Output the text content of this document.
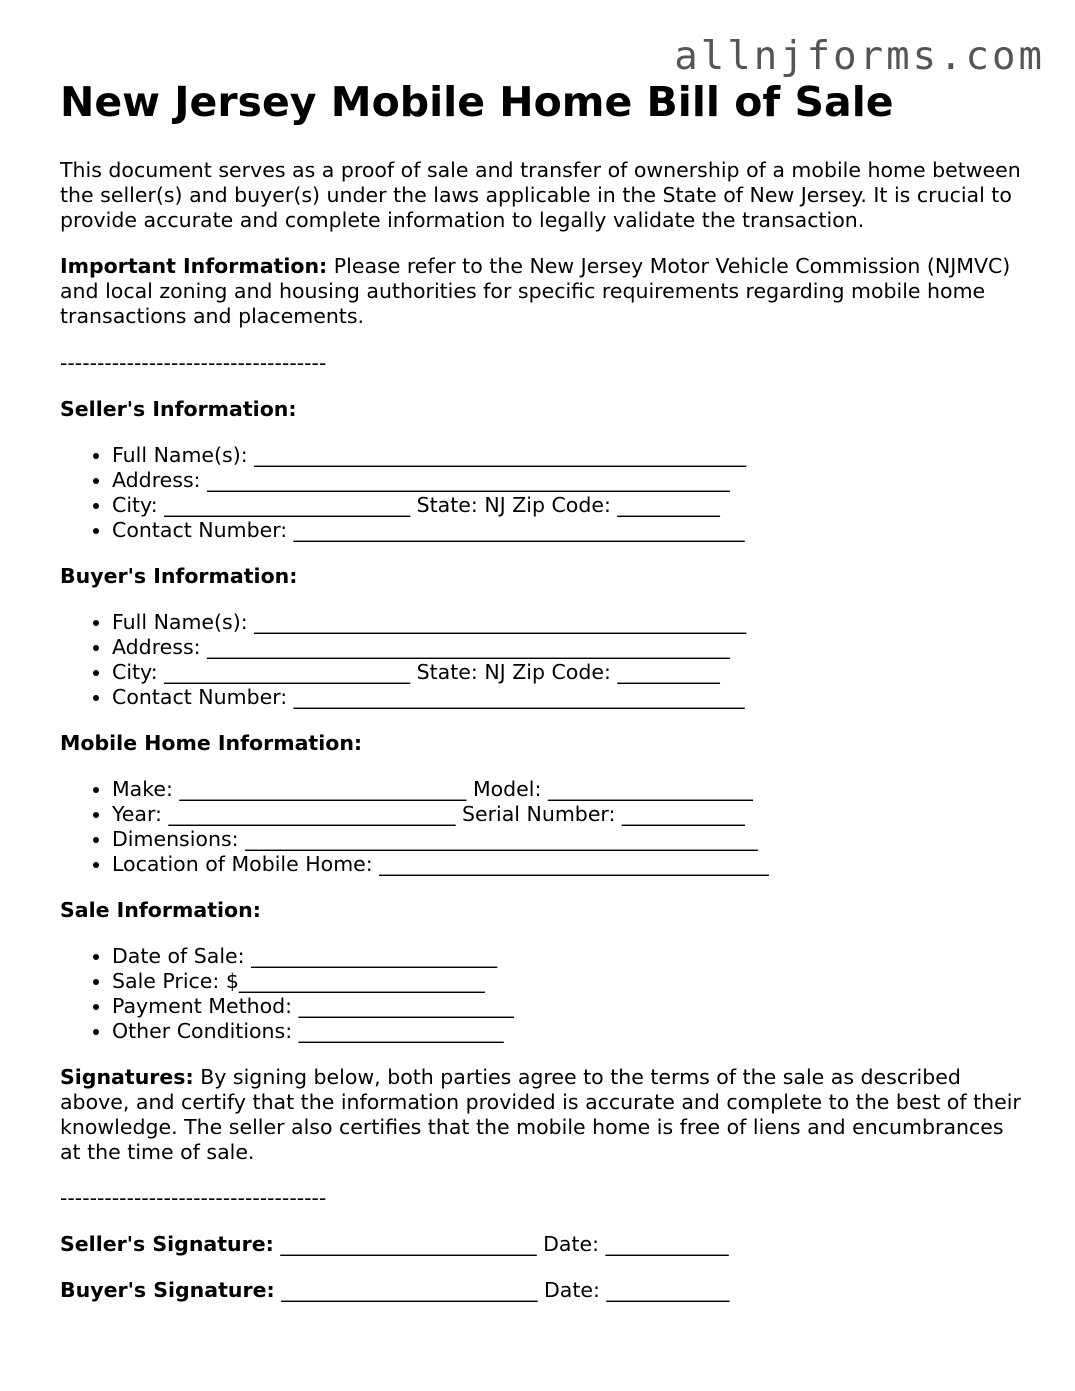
allnjforms.com
New Jersey Mobile Home Bill of Sale

This document serves as a proof of sale and transfer of ownership of a mobile home between the seller(s) and buyer(s) under the laws applicable in the State of New Jersey. It is crucial to provide accurate and complete information to legally validate the transaction.

Important Information: Please refer to the New Jersey Motor Vehicle Commission (NJMVC) and local zoning and housing authorities for specific requirements regarding mobile home transactions and placements.

------------------------------------
Seller's Information:
• Full Name(s): ________________________________________________
• Address: ___________________________________________________
• City: ________________________ State: NJ Zip Code: __________
• Contact Number: ____________________________________________
Buyer's Information:
• Full Name(s): ________________________________________________
• Address: ___________________________________________________
• City: ________________________ State: NJ Zip Code: __________
• Contact Number: ____________________________________________
Mobile Home Information:
• Make: ____________________________ Model: ____________________
• Year: ____________________________ Serial Number: ____________
• Dimensions: __________________________________________________
• Location of Mobile Home: ______________________________________
Sale Information:
• Date of Sale: ________________________
• Sale Price: $________________________
• Payment Method: _____________________
• Other Conditions: ____________________

Signatures: By signing below, both parties agree to the terms of the sale as described above, and certify that the information provided is accurate and complete to the best of their knowledge. The seller also certifies that the mobile home is free of liens and encumbrances at the time of sale.

------------------------------------
Seller's Signature: _________________________ Date: ____________
Buyer's Signature: _________________________ Date: ____________
